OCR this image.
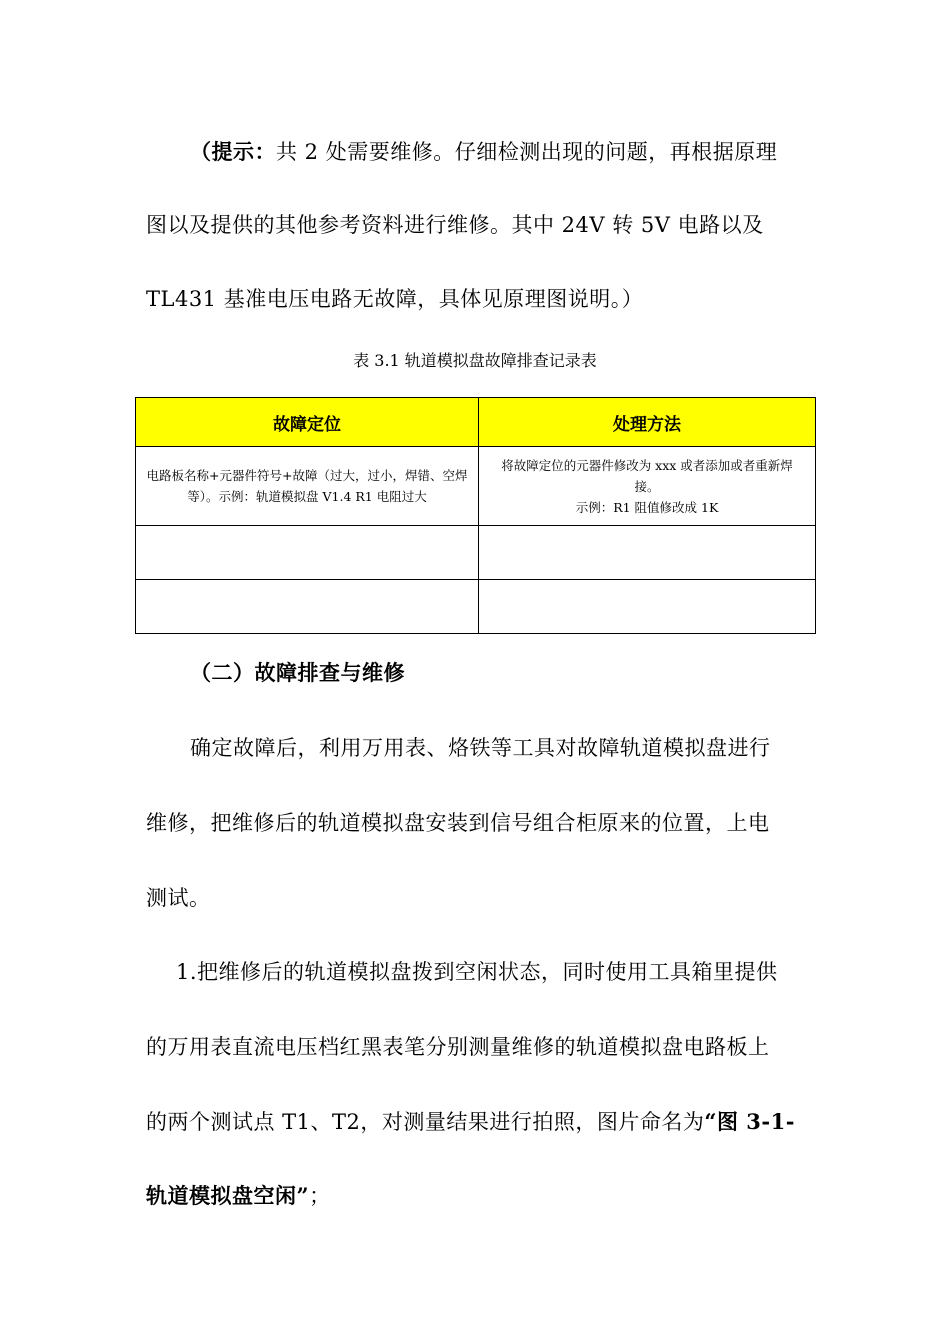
（提示：共 2 处需要维修。仔细检测出现的问题，再根据原理
图以及提供的其他参考资料进行维修。其中 24V 转 5V 电路以及
TL431 基准电压电路无故障，具体见原理图说明。）
表 3.1 轨道模拟盘故障排查记录表
故障定位	处理方法
电路板名称+元器件符号+故障（过大，过小，焊错、空焊等）。示例：轨道模拟盘 V1.4 R1 电阻过大	将故障定位的元器件修改为 xxx 或者添加或者重新焊接。
示例：R1 阻值修改成 1K

（二）故障排查与维修
确定故障后，利用万用表、烙铁等工具对故障轨道模拟盘进行
维修，把维修后的轨道模拟盘安装到信号组合柜原来的位置，上电
测试。
1.把维修后的轨道模拟盘拨到空闲状态，同时使用工具箱里提供
的万用表直流电压档红黑表笔分别测量维修的轨道模拟盘电路板上
的两个测试点 T1、T2，对测量结果进行拍照，图片命名为“图 3-1-
轨道模拟盘空闲”；
